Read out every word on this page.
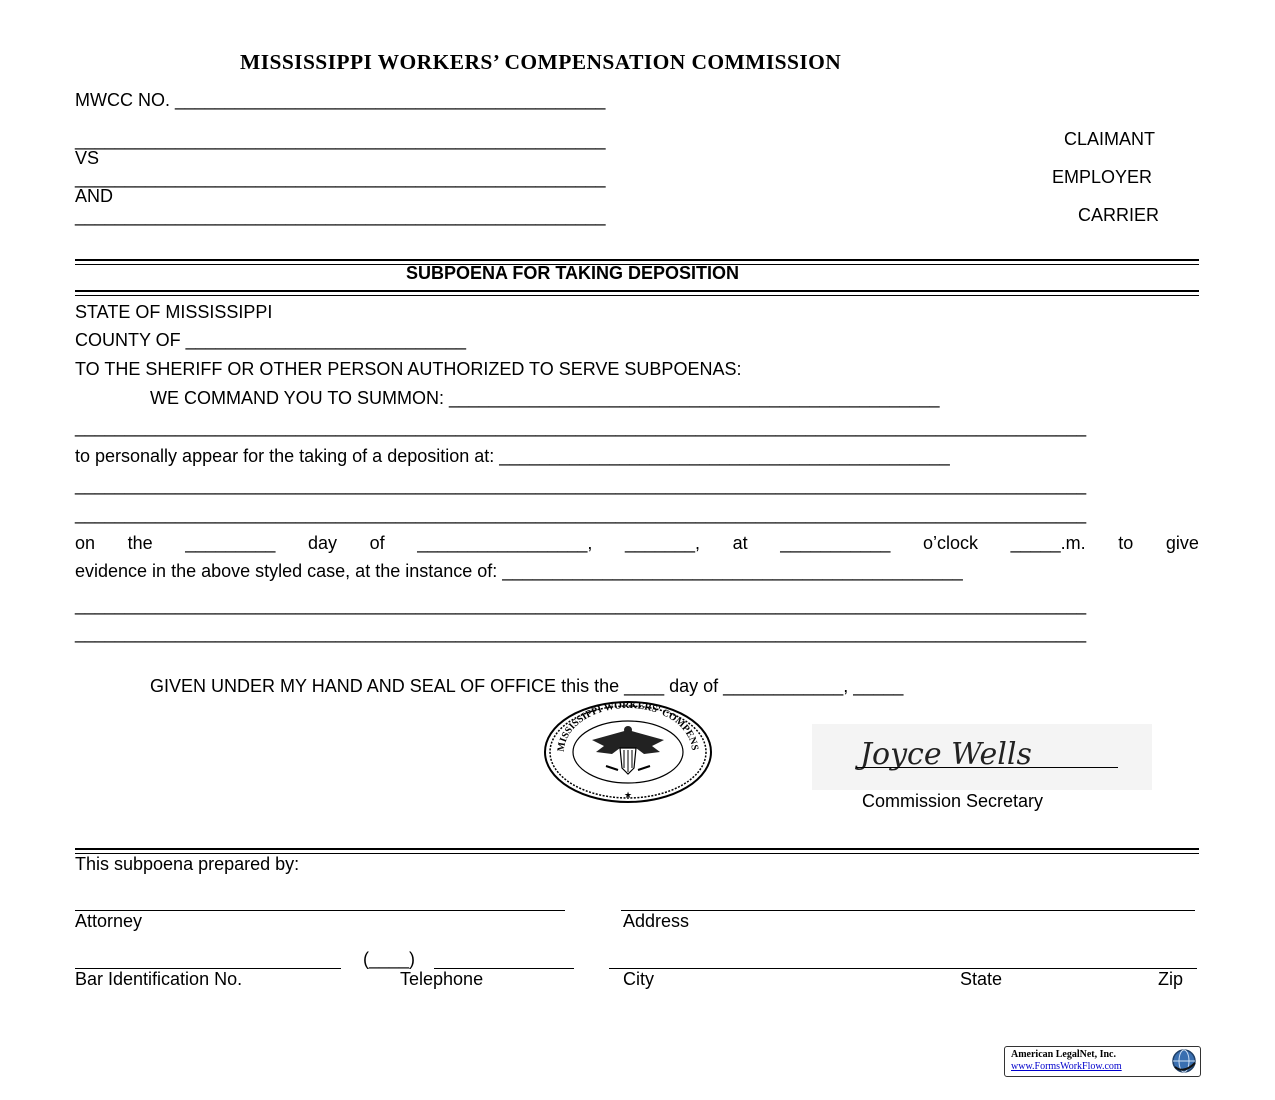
MISSISSIPPI WORKERS’ COMPENSATION COMMISSION
MWCC NO. ___________________________________________
_____________________________________________________	CLAIMANT
VS
_____________________________________________________	EMPLOYER
AND
_____________________________________________________	CARRIER
SUBPOENA FOR TAKING DEPOSITION
STATE OF MISSISSIPPI
COUNTY OF ____________________________
TO THE SHERIFF OR OTHER PERSON AUTHORIZED TO SERVE SUBPOENAS:
WE COMMAND YOU TO SUMMON: _________________________________________________
_____________________________________________________________________________________________________
to personally appear for the taking of a deposition at: _____________________________________________
_____________________________________________________________________________________________________
_____________________________________________________________________________________________________
on the _________ day of _________________, _______, at ___________ o’clock _____.m. to give
evidence in the above styled case, at the instance of: ______________________________________________
_____________________________________________________________________________________________________
_____________________________________________________________________________________________________
GIVEN UNDER MY HAND AND SEAL OF OFFICE this the ____ day of ____________, _____
MISSISSIPPI WORKERS' COMPENS
★
Joyce Wells
Commission Secretary
This subpoena prepared by:
Attorney	Address
(____)
Bar Identification No.	Telephone	City	State	Zip
American LegalNet, Inc.
www.FormsWorkFlow.com
